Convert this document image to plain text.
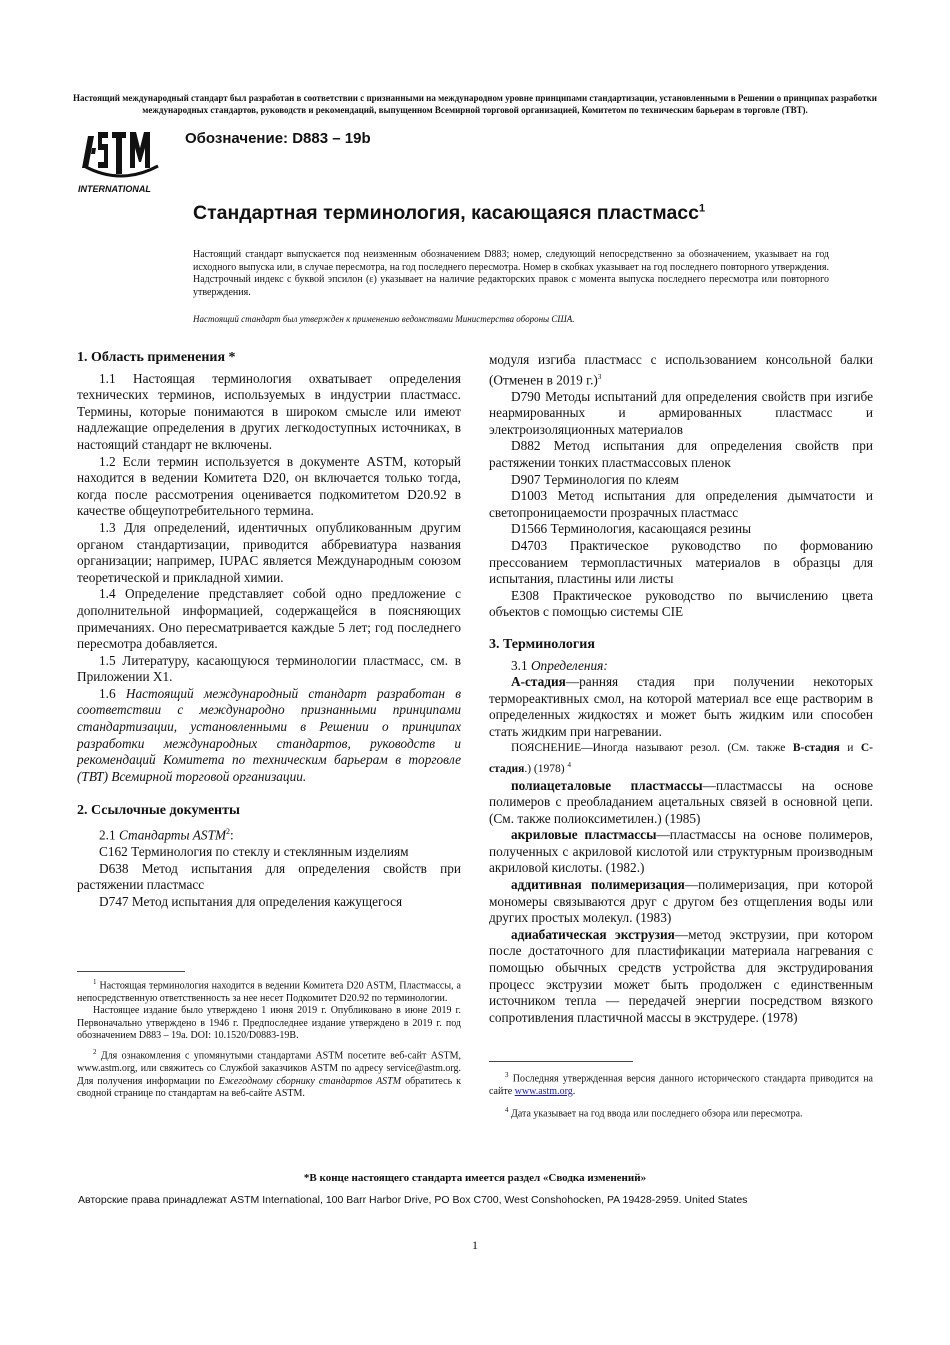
Настоящий международный стандарт был разработан в соответствии с признанными на международном уровне принципами стандартизации, установленными в Решении о принципах разработки международных стандартов, руководств и рекомендаций, выпущенном Всемирной торговой организацией, Комитетом по техническим барьерам в торговле (ТВТ).
INTERNATIONAL
Обозначение: D883 – 19b
Стандартная терминология, касающаяся пластмасс$^1$
Настоящий стандарт выпускается под неизменным обозначением D883; номер, следующий непосредственно за обозначением, указывает на год исходного выпуска или, в случае пересмотра, на год последнего пересмотра. Номер в скобках указывает на год последнего повторного утверждения. Надстрочный индекс с буквой эпсилон (ε) указывает на наличие редакторских правок с момента выпуска последнего пересмотра или повторного утверждения.
Настоящий стандарт был утвержден к применению ведомствами Министерства обороны США.
1. Область применения *

1.1 Настоящая терминология охватывает определения технических терминов, используемых в индустрии пластмасс. Термины, которые понимаются в широком смысле или имеют надлежащие определения в других легкодоступных источниках, в настоящий стандарт не включены.

1.2 Если термин используется в документе ASTM, который находится в ведении Комитета D20, он включается только тогда, когда после рассмотрения оценивается подкомитетом D20.92 в качестве общеупотребительного термина.

1.3 Для определений, идентичных опубликованным другим органом стандартизации, приводится аббревиатура названия организации; например, IUPAC является Международным союзом теоретической и прикладной химии.

1.4 Определение представляет собой одно предложение с дополнительной информацией, содержащейся в поясняющих примечаниях. Оно пересматривается каждые 5 лет; год последнего пересмотра добавляется.

1.5 Литературу, касающуюся терминологии пластмасс, см. в Приложении X1.

1.6 Настоящий международный стандарт разработан в соответствии с международно признанными принципами стандартизации, установленными в Решении о принципах разработки международных стандартов, руководств и рекомендаций Комитета по техническим барьерам в торговле (ТВТ) Всемирной торговой организации.

2. Ссылочные документы

2.1 Стандарты ASTM$^2$:

C162 Терминология по стеклу и стеклянным изделиям

D638 Метод испытания для определения свойств при растяжении пластмасс

D747 Метод испытания для определения кажущегося

$^1$ Настоящая терминология находится в ведении Комитета D20 ASTM, Пластмассы, а непосредственную ответственность за нее несет Подкомитет D20.92 по терминологии.

Настоящее издание было утверждено 1 июня 2019 г. Опубликовано в июне 2019 г. Первоначально утверждено в 1946 г. Предпоследнее издание утверждено в 2019 г. под обозначением D883 – 19a. DOI: 10.1520/D0883-19B.

$^2$ Для ознакомления с упомянутыми стандартами ASTM посетите веб-сайт ASTM, www.astm.org, или свяжитесь со Службой заказчиков ASTM по адресу service@astm.org. Для получения информации по Ежегодному сборнику стандартов ASTM обратитесь к сводной странице по стандартам на веб-сайте ASTM.

модуля изгиба пластмасс с использованием консольной балки (Отменен в 2019 г.)$^3$

D790 Методы испытаний для определения свойств при изгибе неармированных и армированных пластмасс и электроизоляционных материалов

D882 Метод испытания для определения свойств при растяжении тонких пластмассовых пленок

D907 Терминология по клеям

D1003 Метод испытания для определения дымчатости и светопроницаемости прозрачных пластмасс

D1566 Терминология, касающаяся резины

D4703 Практическое руководство по формованию прессованием термопластичных материалов в образцы для испытания, пластины или листы

E308 Практическое руководство по вычислению цвета объектов с помощью системы CIE

3. Терминология

3.1 Определения:

А-стадия—ранняя стадия при получении некоторых термореактивных смол, на которой материал все еще растворим в определенных жидкостях и может быть жидким или способен стать жидким при нагревании.

ПОЯСНЕНИЕ—Иногда называют резол. (См. также B-стадия и C-стадия.) (1978) $^4$

полиацеталовые пластмассы—пластмассы на основе полимеров с преобладанием ацетальных связей в основной цепи. (См. также полиоксиметилен.) (1985)

акриловые пластмассы—пластмассы на основе полимеров, полученных с акриловой кислотой или структурным производным акриловой кислоты. (1982.)

аддитивная полимеризация—полимеризация, при которой мономеры связываются друг с другом без отщепления воды или других простых молекул. (1983)

адиабатическая экструзия—метод экструзии, при котором после достаточного для пластификации материала нагревания с помощью обычных средств устройства для экструдирования процесс экструзии может быть продолжен с единственным источником тепла — передачей энергии посредством вязкого сопротивления пластичной массы в экструдере. (1978)

$^3$ Последняя утвержденная версия данного исторического стандарта приводится на сайте www.astm.org.

$^4$ Дата указывает на год ввода или последнего обзора или пересмотра.

*В конце настоящего стандарта имеется раздел «Сводка изменений»
Авторские права принадлежат ASTM International, 100 Barr Harbor Drive, PO Box C700, West Conshohocken, PA 19428-2959. United States
1
